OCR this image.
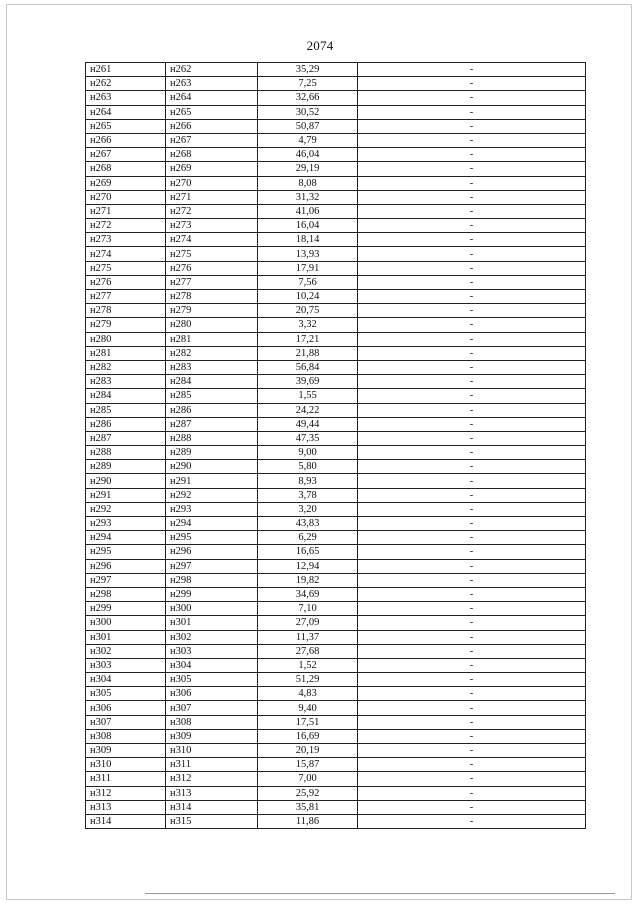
2074
н261	н262	35,29	-
н262	н263	7,25	-
н263	н264	32,66	-
н264	н265	30,52	-
н265	н266	50,87	-
н266	н267	4,79	-
н267	н268	46,04	-
н268	н269	29,19	-
н269	н270	8,08	-
н270	н271	31,32	-
н271	н272	41,06	-
н272	н273	16,04	-
н273	н274	18,14	-
н274	н275	13,93	-
н275	н276	17,91	-
н276	н277	7,56	-
н277	н278	10,24	-
н278	н279	20,75	-
н279	н280	3,32	-
н280	н281	17,21	-
н281	н282	21,88	-
н282	н283	56,84	-
н283	н284	39,69	-
н284	н285	1,55	-
н285	н286	24,22	-
н286	н287	49,44	-
н287	н288	47,35	-
н288	н289	9,00	-
н289	н290	5,80	-
н290	н291	8,93	-
н291	н292	3,78	-
н292	н293	3,20	-
н293	н294	43,83	-
н294	н295	6,29	-
н295	н296	16,65	-
н296	н297	12,94	-
н297	н298	19,82	-
н298	н299	34,69	-
н299	н300	7,10	-
н300	н301	27,09	-
н301	н302	11,37	-
н302	н303	27,68	-
н303	н304	1,52	-
н304	н305	51,29	-
н305	н306	4,83	-
н306	н307	9,40	-
н307	н308	17,51	-
н308	н309	16,69	-
н309	н310	20,19	-
н310	н311	15,87	-
н311	н312	7,00	-
н312	н313	25,92	-
н313	н314	35,81	-
н314	н315	11,86	-
